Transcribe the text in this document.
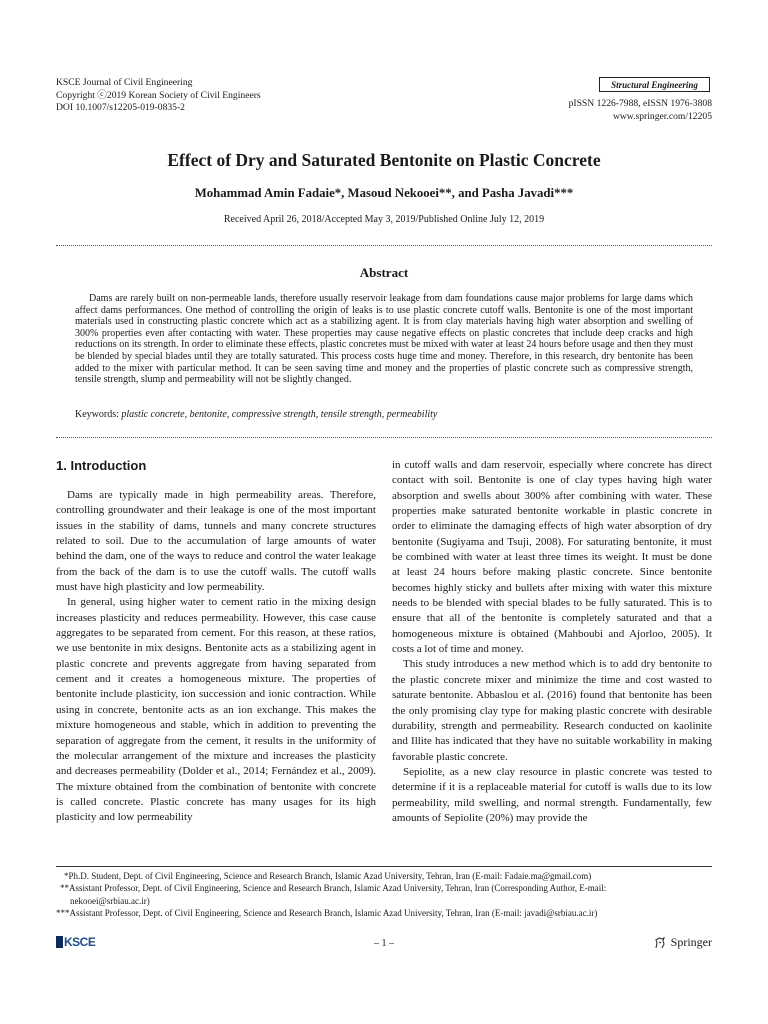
KSCE Journal of Civil Engineering
Copyright ⓒ2019 Korean Society of Civil Engineers
DOI 10.1007/s12205-019-0835-2
Structural Engineering
pISSN 1226-7988, eISSN 1976-3808
www.springer.com/12205
Effect of Dry and Saturated Bentonite on Plastic Concrete
Mohammad Amin Fadaie*, Masoud Nekooei**, and Pasha Javadi***
Received April 26, 2018/Accepted May 3, 2019/Published Online July 12, 2019
Abstract
Dams are rarely built on non-permeable lands, therefore usually reservoir leakage from dam foundations cause major problems for large dams which affect dams performances. One method of controlling the origin of leaks is to use plastic concrete cutoff walls. Bentonite is one of the most important materials used in constructing plastic concrete which act as a stabilizing agent. It is from clay materials having high water absorption and swelling of 300% properties even after contacting with water. These properties may cause negative effects on plastic concretes that include deep cracks and high reductions on its strength. In order to eliminate these effects, plastic concretes must be mixed with water at least 24 hours before usage and then they must be blended by special blades until they are totally saturated. This process costs huge time and money. Therefore, in this research, dry bentonite has been added to the mixer with particular method. It can be seen saving time and money and the properties of plastic concrete such as compressive strength, tensile strength, slump and permeability will not be slightly changed.
Keywords: plastic concrete, bentonite, compressive strength, tensile strength, permeability
1. Introduction

Dams are typically made in high permeability areas. Therefore, controlling groundwater and their leakage is one of the most important issues in the stability of dams, tunnels and many concrete structures related to soil. Due to the accumulation of large amounts of water behind the dam, one of the ways to reduce and control the water leakage from the back of the dam is to use the cutoff walls. The cutoff walls must have high plasticity and low permeability.

In general, using higher water to cement ratio in the mixing design increases plasticity and reduces permeability. However, this case cause aggregates to be separated from cement. For this reason, at these ratios, we use bentonite in mix designs. Bentonite acts as a stabilizing agent in plastic concrete and prevents aggregate from having separated from cement and it creates a homogeneous mixture. The properties of bentonite include plasticity, ion succession and ionic contraction. While using in concrete, bentonite acts as an ion exchange. This makes the mixture homogeneous and stable, which in addition to preventing the separation of aggregate from the cement, it results in the uniformity of the molecular arrangement of the mixture and increases the plasticity and decreases permeability (Dolder et al., 2014; Fernández et al., 2009). The mixture obtained from the combination of bentonite with concrete is called concrete. Plastic concrete has many usages for its high plasticity and low permeability

in cutoff walls and dam reservoir, especially where concrete has direct contact with soil. Bentonite is one of clay types having high water absorption and swells about 300% after combining with water. These properties make saturated bentonite workable in plastic concrete in order to eliminate the damaging effects of high water absorption of dry bentonite (Sugiyama and Tsuji, 2008). For saturating bentonite, it must be combined with water at least three times its weight. It must be done at least 24 hours before making plastic concrete. Since bentonite becomes highly sticky and bullets after mixing with water this mixture needs to be blended with special blades to be fully saturated. This is to ensure that all of the bentonite is completely saturated and that a homogeneous mixture is obtained (Mahboubi and Ajorloo, 2005). It costs a lot of time and money.

This study introduces a new method which is to add dry bentonite to the plastic concrete mixer and minimize the time and cost wasted to saturate bentonite. Abbaslou et al. (2016) found that bentonite has been the only promising clay type for making plastic concrete with desirable durability, strength and permeability. Research conducted on kaolinite and Illite has indicated that they have no suitable workability in making favorable plastic concrete.

Sepiolite, as a new clay resource in plastic concrete was tested to determine if it is a replaceable material for cutoff is walls due to its low permeability, mild swelling, and normal strength. Fundamentally, few amounts of Sepiolite (20%) may provide the

*Ph.D. Student, Dept. of Civil Engineering, Science and Research Branch, Islamic Azad University, Tehran, Iran (E-mail: Fadaie.ma@gmail.com)
**Assistant Professor, Dept. of Civil Engineering, Science and Research Branch, Islamic Azad University, Tehran, Iran (Corresponding Author, E-mail:
nekooei@srbiau.ac.ir)
***Assistant Professor, Dept. of Civil Engineering, Science and Research Branch, Islamic Azad University, Tehran, Iran (E-mail: javadi@srbiau.ac.ir)
KSCE	– 1 –	Springer
